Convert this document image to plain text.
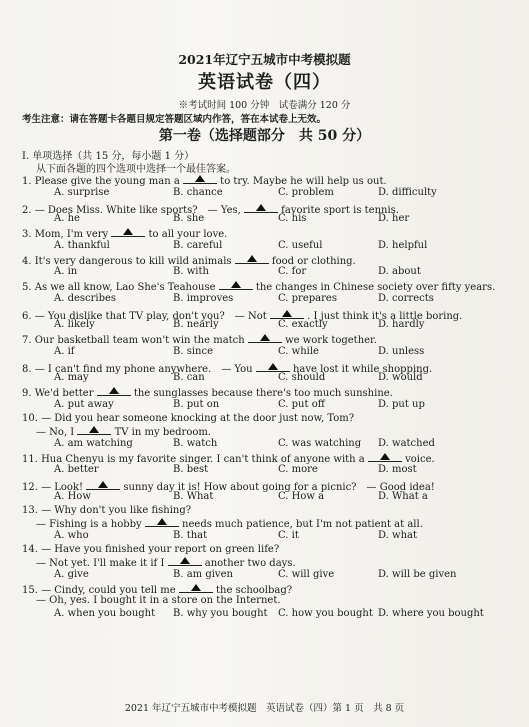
2021年辽宁五城市中考模拟题
英语试卷（四）
※考试时间 100 分钟　试卷满分 120 分
考生注意：请在答题卡各题目规定答题区域内作答，答在本试卷上无效。
第一卷（选择题部分　共 50 分）
I. 单项选择（共 15 分，每小题 1 分）
从下面各题的四个选项中选择一个最佳答案。
1. Please give the young man a	to try. Maybe he will help us out.
A. surprise	B. chance	C. problem	D. difficulty
2. — Does Miss. White like sports?　— Yes,	favorite sport is tennis.
A. he	B. she	C. his	D. her
3. Mom, I'm very	to all your love.
A. thankful	B. careful	C. useful	D. helpful
4. It's very dangerous to kill wild animals	food or clothing.
A. in	B. with	C. for	D. about
5. As we all know, Lao She's Teahouse	the changes in Chinese society over fifty years.
A. describes	B. improves	C. prepares	D. corrects
6. — You dislike that TV play, don't you?　— Not	. I just think it's a little boring.
A. likely	B. nearly	C. exactly	D. hardly
7. Our basketball team won't win the match	we work together.
A. if	B. since	C. while	D. unless
8. — I can't find my phone anywhere.　— You	have lost it while shopping.
A. may	B. can	C. should	D. would
9. We'd better	the sunglasses because there's too much sunshine.
A. put away	B. put on	C. put off	D. put up
10. — Did you hear someone knocking at the door just now, Tom?
— No, I	TV in my bedroom.
A. am watching	B. watch	C. was watching D. watched
11. Hua Chenyu is my favorite singer. I can't think of anyone with a	voice.
A. better	B. best	C. more	D. most
12. — Look!	sunny day it is! How about going for a picnic?　— Good idea!
A. How	B. What	C. How a	D. What a
13. — Why don't you like fishing?
— Fishing is a hobby	needs much patience, but I'm not patient at all.
A. who	B. that	C. it	D. what
14. — Have you finished your report on green life?
— Not yet. I'll make it if I	another two days.
A. give	B. am given	C. will give	D. will be given
15. — Cindy, could you tell me	the schoolbag?
— Oh, yes. I bought it in a store on the Internet.
A. when you bought B. why you bought C. how you bought D. where you bought
2021 年辽宁五城市中考模拟题　英语试卷（四）第 1 页　共 8 页
